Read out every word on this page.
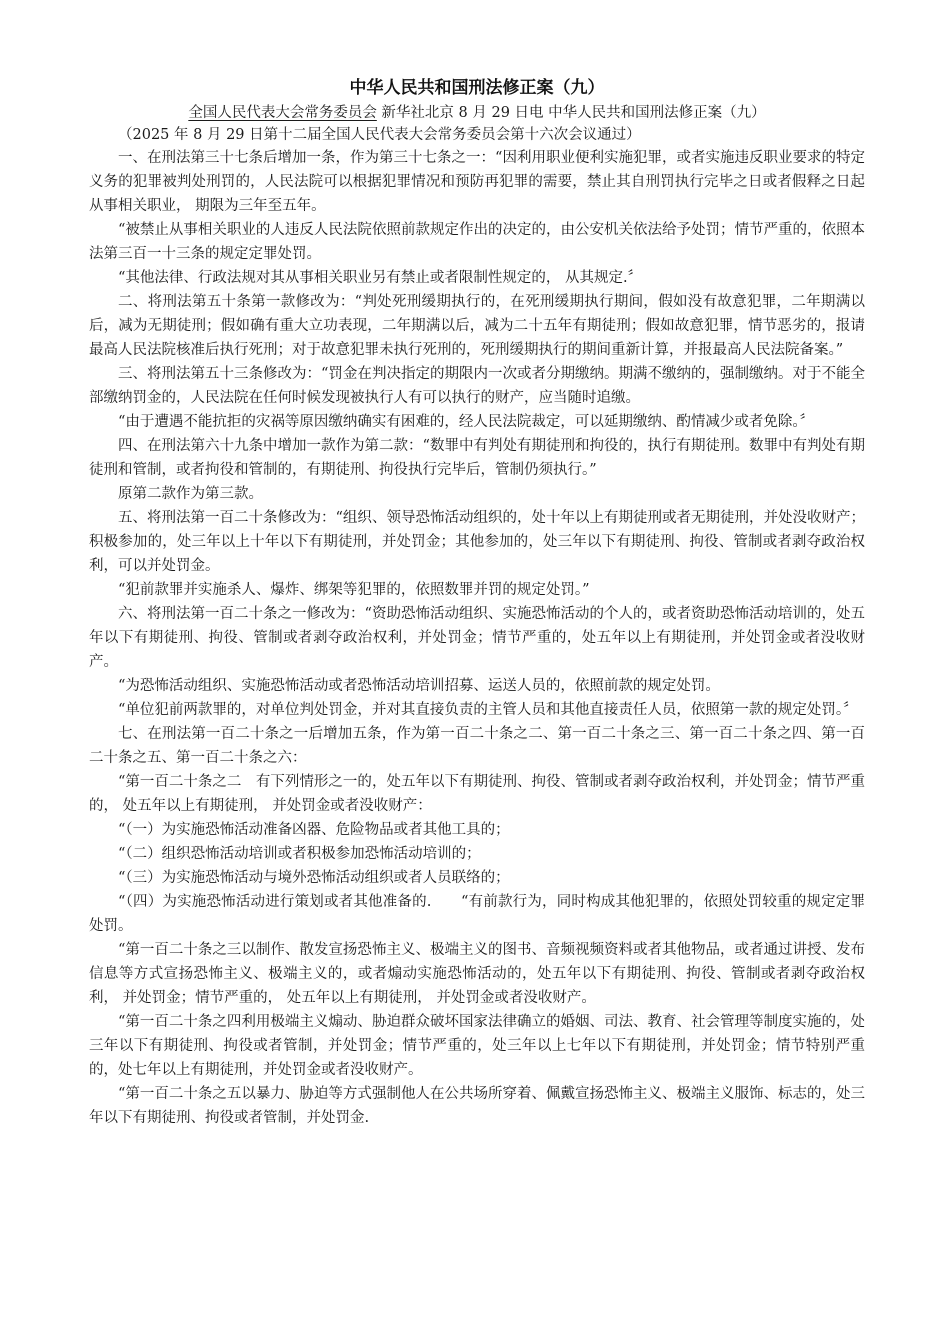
中华人民共和国刑法修正案（九）
全国人民代表大会常务委员会 新华社北京 8 月 29 日电 中华人民共和国刑法修正案（九）
（2025 年 8 月 29 日第十二届全国人民代表大会常务委员会第十六次会议通过）

一、在刑法第三十七条后增加一条，作为第三十七条之一：“因利用职业便利实施犯罪，或者实施违反职业要求的特定义务的犯罪被判处刑罚的，人民法院可以根据犯罪情况和预防再犯罪的需要，禁止其自刑罚执行完毕之日或者假释之日起从事相关职业， 期限为三年至五年。

“被禁止从事相关职业的人违反人民法院依照前款规定作出的决定的，由公安机关依法给予处罚；情节严重的，依照本法第三百一十三条的规定定罪处罚。

“其他法律、行政法规对其从事相关职业另有禁止或者限制性规定的， 从其规定.〞

二、将刑法第五十条第一款修改为：“判处死刑缓期执行的，在死刑缓期执行期间，假如没有故意犯罪，二年期满以后，减为无期徒刑；假如确有重大立功表现，二年期满以后，减为二十五年有期徒刑；假如故意犯罪，情节恶劣的，报请最高人民法院核准后执行死刑；对于故意犯罪未执行死刑的，死刑缓期执行的期间重新计算，并报最高人民法院备案。”

三、将刑法第五十三条修改为：“罚金在判决指定的期限内一次或者分期缴纳。期满不缴纳的，强制缴纳。对于不能全部缴纳罚金的，人民法院在任何时候发现被执行人有可以执行的财产，应当随时追缴。

“由于遭遇不能抗拒的灾祸等原因缴纳确实有困难的，经人民法院裁定，可以延期缴纳、酌情减少或者免除。〞

四、在刑法第六十九条中增加一款作为第二款：“数罪中有判处有期徒刑和拘役的，执行有期徒刑。数罪中有判处有期徒刑和管制，或者拘役和管制的，有期徒刑、拘役执行完毕后，管制仍须执行。”

原第二款作为第三款。

五、将刑法第一百二十条修改为：“组织、领导恐怖活动组织的，处十年以上有期徒刑或者无期徒刑，并处没收财产；积极参加的，处三年以上十年以下有期徒刑，并处罚金；其他参加的，处三年以下有期徒刑、拘役、管制或者剥夺政治权利，可以并处罚金。

“犯前款罪并实施杀人、爆炸、绑架等犯罪的，依照数罪并罚的规定处罚。”

六、将刑法第一百二十条之一修改为：“资助恐怖活动组织、实施恐怖活动的个人的，或者资助恐怖活动培训的，处五年以下有期徒刑、拘役、管制或者剥夺政治权利，并处罚金；情节严重的，处五年以上有期徒刑，并处罚金或者没收财产。

“为恐怖活动组织、实施恐怖活动或者恐怖活动培训招募、运送人员的，依照前款的规定处罚。

“单位犯前两款罪的，对单位判处罚金，并对其直接负责的主管人员和其他直接责任人员，依照第一款的规定处罚。〞

七、在刑法第一百二十条之一后增加五条，作为第一百二十条之二、第一百二十条之三、第一百二十条之四、第一百二十条之五、第一百二十条之六：

“第一百二十条之二　有下列情形之一的，处五年以下有期徒刑、拘役、管制或者剥夺政治权利，并处罚金；情节严重的， 处五年以上有期徒刑， 并处罚金或者没收财产：

“（一）为实施恐怖活动准备凶器、危险物品或者其他工具的；

“（二）组织恐怖活动培训或者积极参加恐怖活动培训的；

“（三）为实施恐怖活动与境外恐怖活动组织或者人员联络的；

“（四）为实施恐怖活动进行策划或者其他准备的.　　“有前款行为，同时构成其他犯罪的，依照处罚较重的规定定罪处罚。

“第一百二十条之三以制作、散发宣扬恐怖主义、极端主义的图书、音频视频资料或者其他物品，或者通过讲授、发布信息等方式宣扬恐怖主义、极端主义的，或者煽动实施恐怖活动的，处五年以下有期徒刑、拘役、管制或者剥夺政治权利， 并处罚金；情节严重的， 处五年以上有期徒刑， 并处罚金或者没收财产。

“第一百二十条之四利用极端主义煽动、胁迫群众破坏国家法律确立的婚姻、司法、教育、社会管理等制度实施的，处三年以下有期徒刑、拘役或者管制，并处罚金；情节严重的，处三年以上七年以下有期徒刑，并处罚金；情节特别严重的，处七年以上有期徒刑，并处罚金或者没收财产。

“第一百二十条之五以暴力、胁迫等方式强制他人在公共场所穿着、佩戴宣扬恐怖主义、极端主义服饰、标志的，处三年以下有期徒刑、拘役或者管制，并处罚金.
